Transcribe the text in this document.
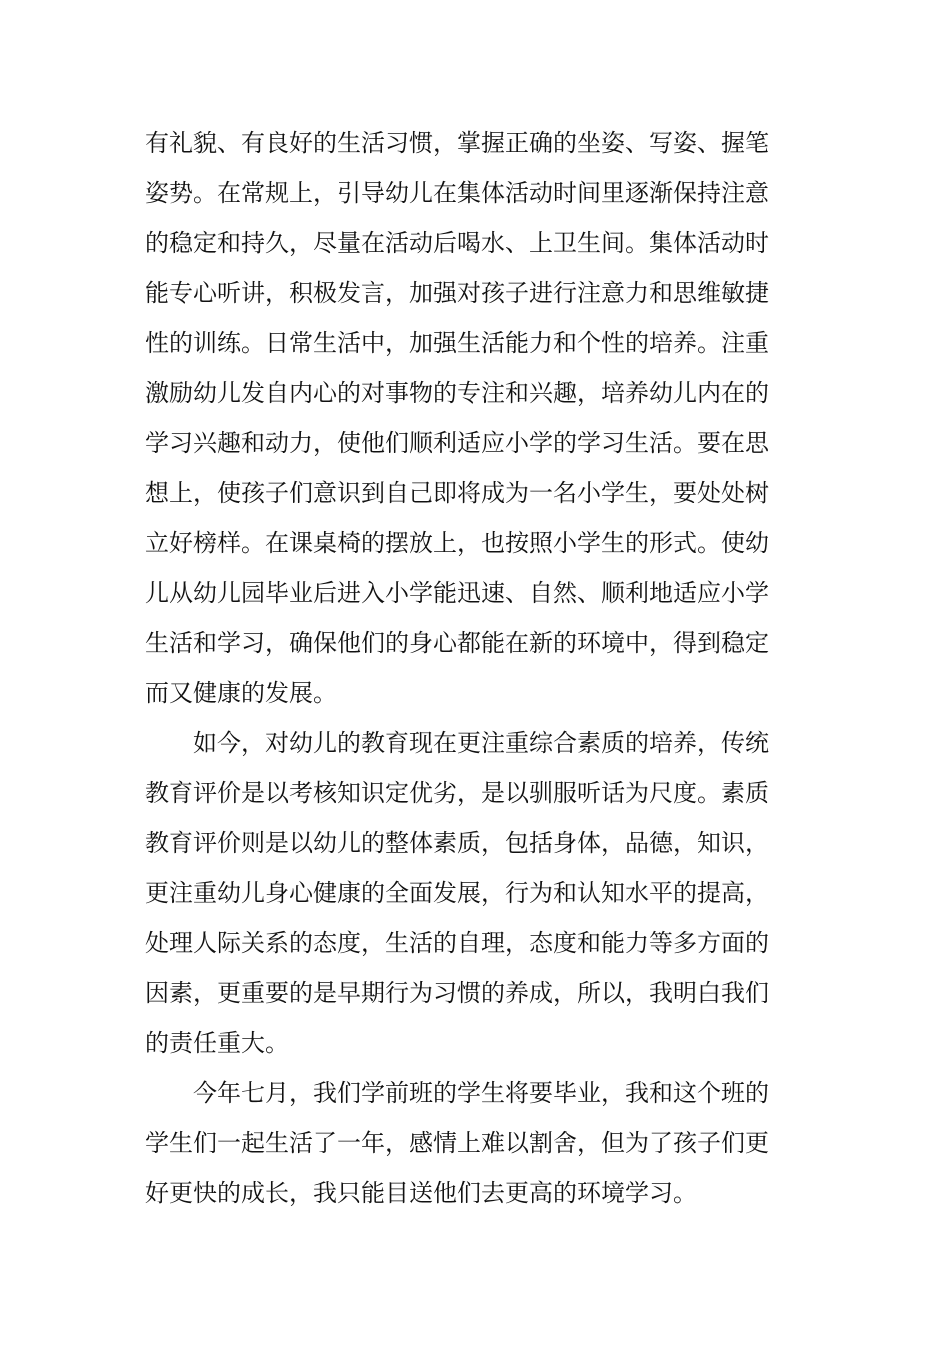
有礼貌、有良好的生活习惯，掌握正确的坐姿、写姿、握笔
姿势。在常规上，引导幼儿在集体活动时间里逐渐保持注意
的稳定和持久，尽量在活动后喝水、上卫生间。集体活动时
能专心听讲，积极发言，加强对孩子进行注意力和思维敏捷
性的训练。日常生活中，加强生活能力和个性的培养。注重
激励幼儿发自内心的对事物的专注和兴趣，培养幼儿内在的
学习兴趣和动力，使他们顺利适应小学的学习生活。要在思
想上，使孩子们意识到自己即将成为一名小学生，要处处树
立好榜样。在课桌椅的摆放上，也按照小学生的形式。使幼
儿从幼儿园毕业后进入小学能迅速、自然、顺利地适应小学
生活和学习，确保他们的身心都能在新的环境中，得到稳定
而又健康的发展。
如今，对幼儿的教育现在更注重综合素质的培养，传统
教育评价是以考核知识定优劣，是以驯服听话为尺度。素质
教育评价则是以幼儿的整体素质，包括身体，品德，知识，
更注重幼儿身心健康的全面发展，行为和认知水平的提高，
处理人际关系的态度，生活的自理，态度和能力等多方面的
因素，更重要的是早期行为习惯的养成，所以，我明白我们
的责任重大。
今年七月，我们学前班的学生将要毕业，我和这个班的
学生们一起生活了一年，感情上难以割舍，但为了孩子们更
好更快的成长，我只能目送他们去更高的环境学习。
